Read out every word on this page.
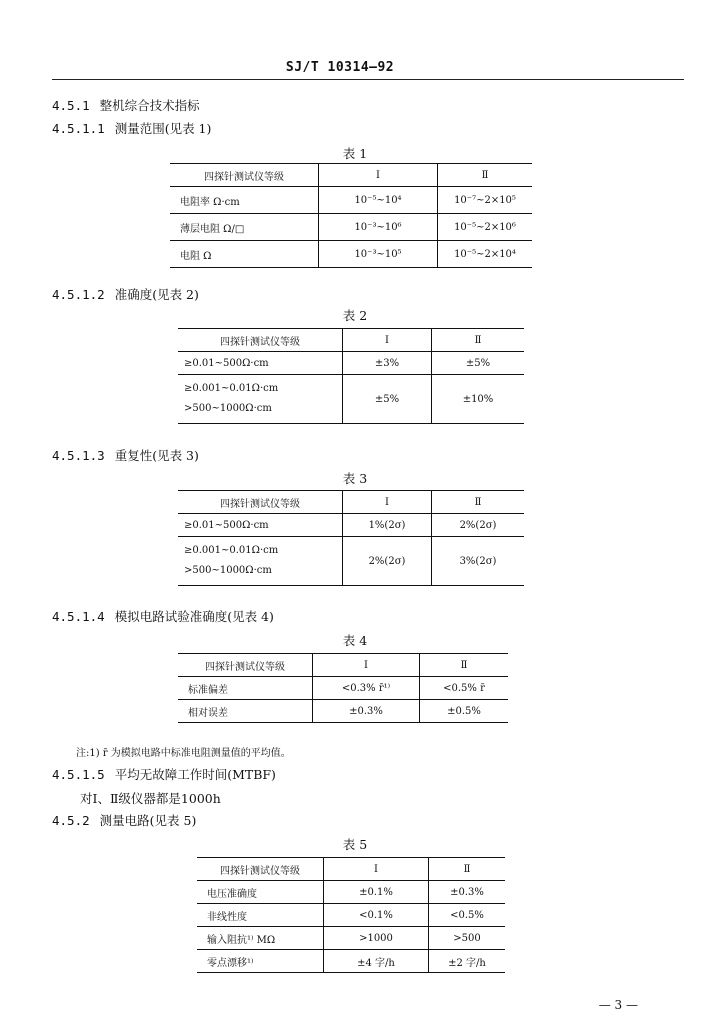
SJ/T 10314—92
4.5.1 整机综合技术指标
4.5.1.1 测量范围(见表 1)
表 1
四探针测试仪等级	Ⅰ	Ⅱ
电阻率 Ω·cm	10⁻⁵~10⁴	10⁻⁷~2×10⁵
薄层电阻 Ω/□	10⁻³~10⁶	10⁻⁵~2×10⁶
电阻 Ω	10⁻³~10⁵	10⁻⁵~2×10⁴
4.5.1.2 准确度(见表 2)
表 2
四探针测试仪等级	Ⅰ	Ⅱ
≥0.01~500Ω·cm	±3%	±5%

≥0.001~0.01Ω·cm
>500~1000Ω·cm	±5%	±10%
4.5.1.3 重复性(见表 3)
表 3
四探针测试仪等级	Ⅰ	Ⅱ
≥0.01~500Ω·cm	1%(2σ)	2%(2σ)

≥0.001~0.01Ω·cm
>500~1000Ω·cm	2%(2σ)	3%(2σ)
4.5.1.4 模拟电路试验准确度(见表 4)
表 4
四探针测试仪等级	Ⅰ	Ⅱ
标准偏差	<0.3% r̄¹⁾	<0.5% r̄
相对误差	±0.3%	±0.5%
注:1) r̄ 为模拟电路中标准电阻测量值的平均值。
4.5.1.5 平均无故障工作时间(MTBF)
对Ⅰ、Ⅱ级仪器都是1000h
4.5.2 测量电路(见表 5)
表 5
四探针测试仪等级	Ⅰ	Ⅱ
电压准确度	±0.1%	±0.3%
非线性度	<0.1%	<0.5%
输入阻抗¹⁾ MΩ	>1000	>500
零点漂移¹⁾	±4 字/h	±2 字/h
— 3 —
